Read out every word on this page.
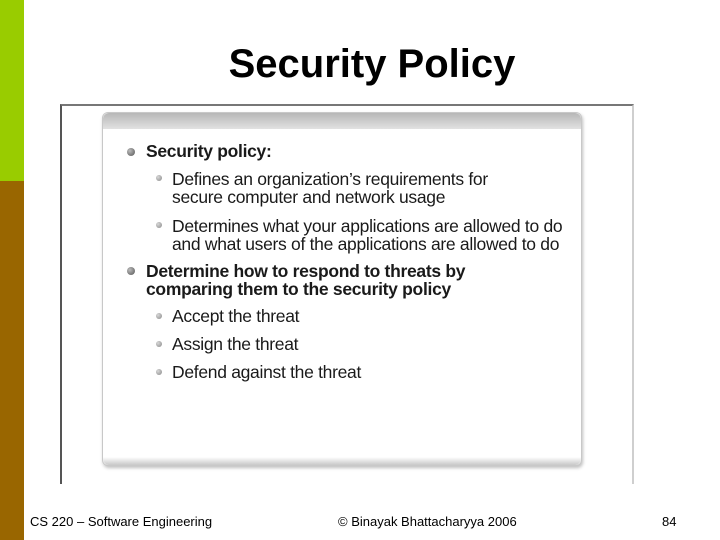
Security Policy
Security policy:
Defines an organization’s requirements for secure computer and network usage
Determines what your applications are allowed to do and what users of the applications are allowed to do
Determine how to respond to threats by comparing them to the security policy
Accept the threat
Assign the threat
Defend against the threat
CS 220 – Software Engineering	© Binayak Bhattacharyya 2006	84
